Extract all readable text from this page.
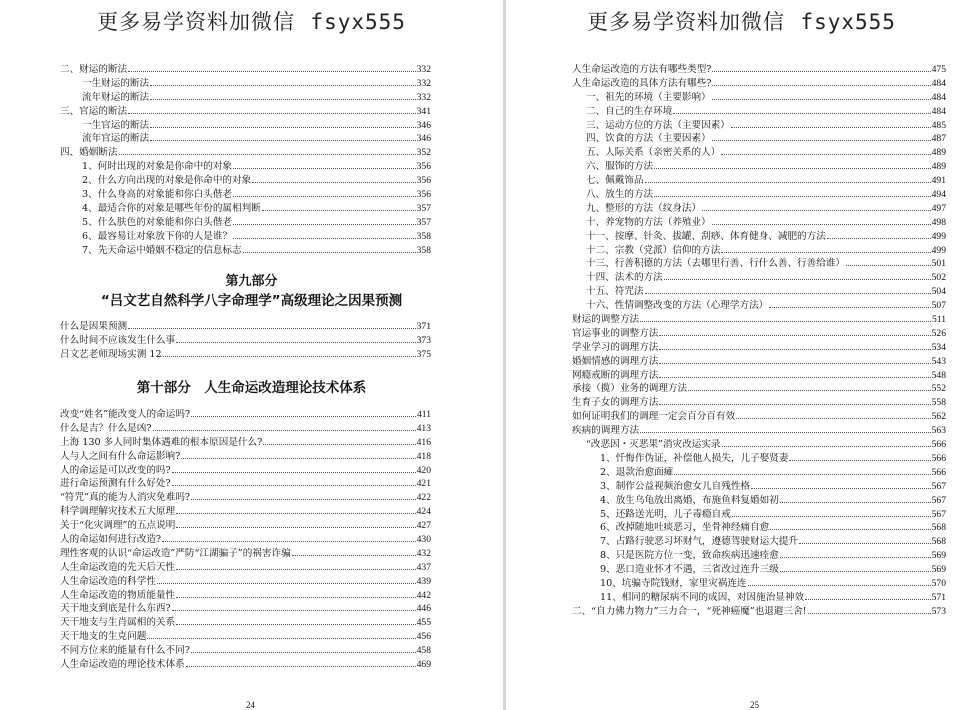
更多易学资料加微信 fsyx555
二、财运的断法	332
一生财运的断法	332
流年财运的断法	332
三、官运的断法	341
一生官运的断法	346
流年官运的断法	346
四、婚姻断法	352
1、何时出现的对象是你命中的对象	356
2、什么方向出现的对象是你命中的对象	356
3、什么身高的对象能和你白头偕老	356
4、最适合你的对象是哪些年份的属相判断	357
5、什么肤色的对象能和你白头偕老	357
6、最容易让对象放下你的人是谁？	358
7、先天命运中婚姻不稳定的信息标志	358
第九部分
“吕文艺自然科学八字命理学”高级理论之因果预测
什么是因果预测	371
什么时间不应该发生什么事	373
吕文艺老师现场实测 12	375
第十部分　人生命运改造理论技术体系
改变“姓名”能改变人的命运吗?	411
什么是吉？什么是凶?	413
上海 130 多人同时集体遇难的根本原因是什么?	416
人与人之间有什么命运影响?	418
人的命运是可以改变的吗?	420
进行命运预测有什么好处?	421
“符咒”真的能为人消灾免难吗?	422
科学调理解灾技术五大原理	424
关于“化灾调理”的五点说明	427
人的命运如何进行改造?	430
理性客观的认识“命运改造”严防“江湖骗子”的祸害诈骗	432
人生命运改造的先天后天性	437
人生命运改造的科学性	439
人生命运改造的物质能量性	442
天干地支到底是什么东西?	446
天干地支与生肖属相的关系	455
天干地支的生克问题	456
不同方位来的能量有什么不同?	458
人生命运改造的理论技术体系	469
24
更多易学资料加微信 fsyx555
人生命运改造的方法有哪些类型?	475
人生命运改造的具体方法有哪些?	484
一、祖先的环境（主要影响）	484
二、自己的生存环境	484
三、运动方位的方法（主要因素）	485
四、饮食的方法（主要因素）	487
五、人际关系（亲密关系的人）	489
六、服饰的方法	489
七、佩戴饰品	491
八、放生的方法	494
九、整形的方法（纹身法）	497
十、养宠物的方法（养殖业）	498
十一、按摩、针灸、拔罐、刮痧、体育健身、减肥的方法	499
十二、宗教（党派）信仰的方法	499
十三、行善积德的方法（去哪里行善、行什么善、行善给谁）	501
十四、法术的方法	502
十五、符咒法	504
十六、性情调整改变的方法（心理学方法）	507
财运的调整方法	511
官运事业的调整方法	526
学业学习的调理方法	534
婚姻情感的调理方法	543
网瘾戒断的调理方法	548
承接（揽）业务的调理方法	552
生育子女的调理方法	558
如何证明我们的调理一定会百分百有效	562
疾病的调理方法	563
“改恶因・灭恶果”消灾改运实录	566
1、忏悔作伪证，补偿他人损失，儿子娶贤妻	566
2、退款治愈面瘫	566
3、制作公益视频治愈女儿自残性格	567
4、放生乌龟放出离婚，布施鱼料复婚如初	567
5、还路送光明，儿子毒瘾自戒	567
6、改掉随地吐痰恶习，坐骨神经痛自愈	568
7、占路行驶恶习坏财气，遵德驾驶财运大提升	568
8、只是医院方位一变，致命疾病迅速痊愈	569
9、恶口造业怀才不遇，三省改过连升三级	569
10、坑骗寺院钱财，家里灾祸连连	570
11、相同的糖尿病不同的成因，对因施治显神效	571
二、“自力佛力物力”三力合一，“死神癌魔”也退避三舍!	573
25
